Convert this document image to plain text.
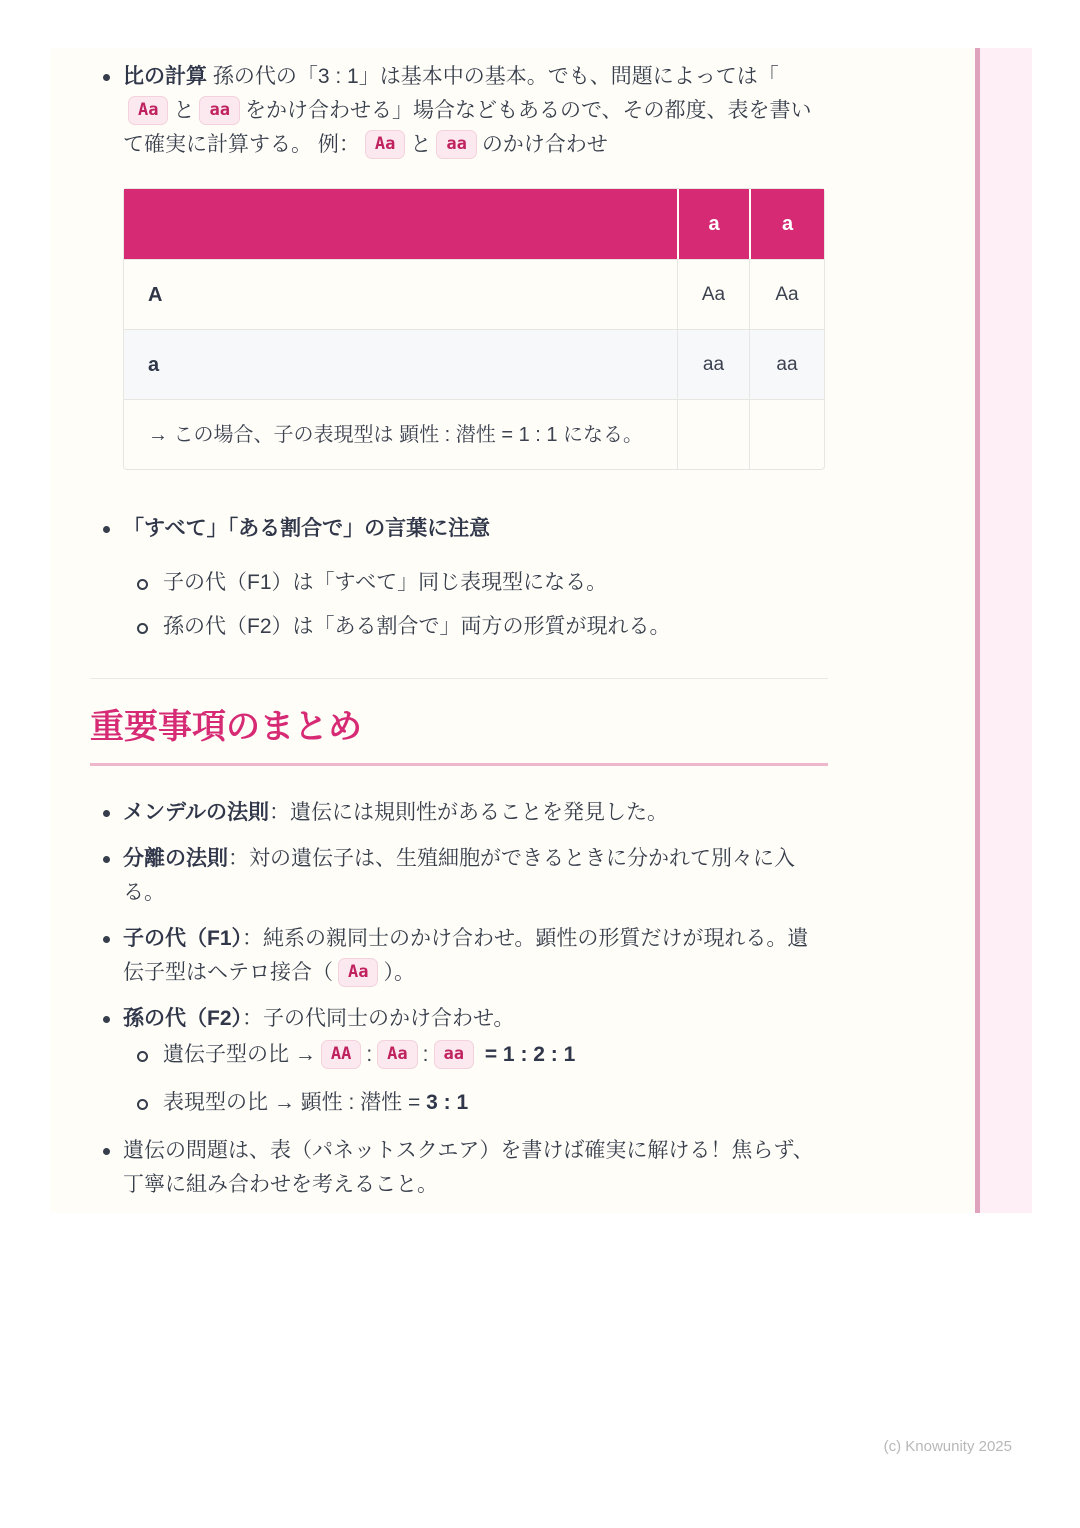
比の計算 孫の代の「3 : 1」は基本中の基本。でも、問題によっては「Aa と aa をかけ合わせる」場合などもあるので、その都度、表を書いて確実に計算する。 例： Aa と aa のかけ合わせ
	a	a
A	Aa	Aa
a	aa	aa
→ この場合、子の表現型は 顕性 : 潜性 = 1 : 1 になる。		
「すべて」「ある割合で」の言葉に注意
子の代（F1）は「すべて」同じ表現型になる。
孫の代（F2）は「ある割合で」両方の形質が現れる。
重要事項のまとめ
メンデルの法則：遺伝には規則性があることを発見した。
分離の法則：対の遺伝子は、生殖細胞ができるときに分かれて別々に入る。
子の代（F1）：純系の親同士のかけ合わせ。顕性の形質だけが現れる。遺伝子型はヘテロ接合（ Aa ）。
孫の代（F2）：子の代同士のかけ合わせ。
遺伝子型の比 → AA : Aa : aa = 1 : 2 : 1
表現型の比 → 顕性 : 潜性 = 3 : 1
遺伝の問題は、表（パネットスクエア）を書けば確実に解ける！焦らず、丁寧に組み合わせを考えること。
(c) Knowunity 2025
